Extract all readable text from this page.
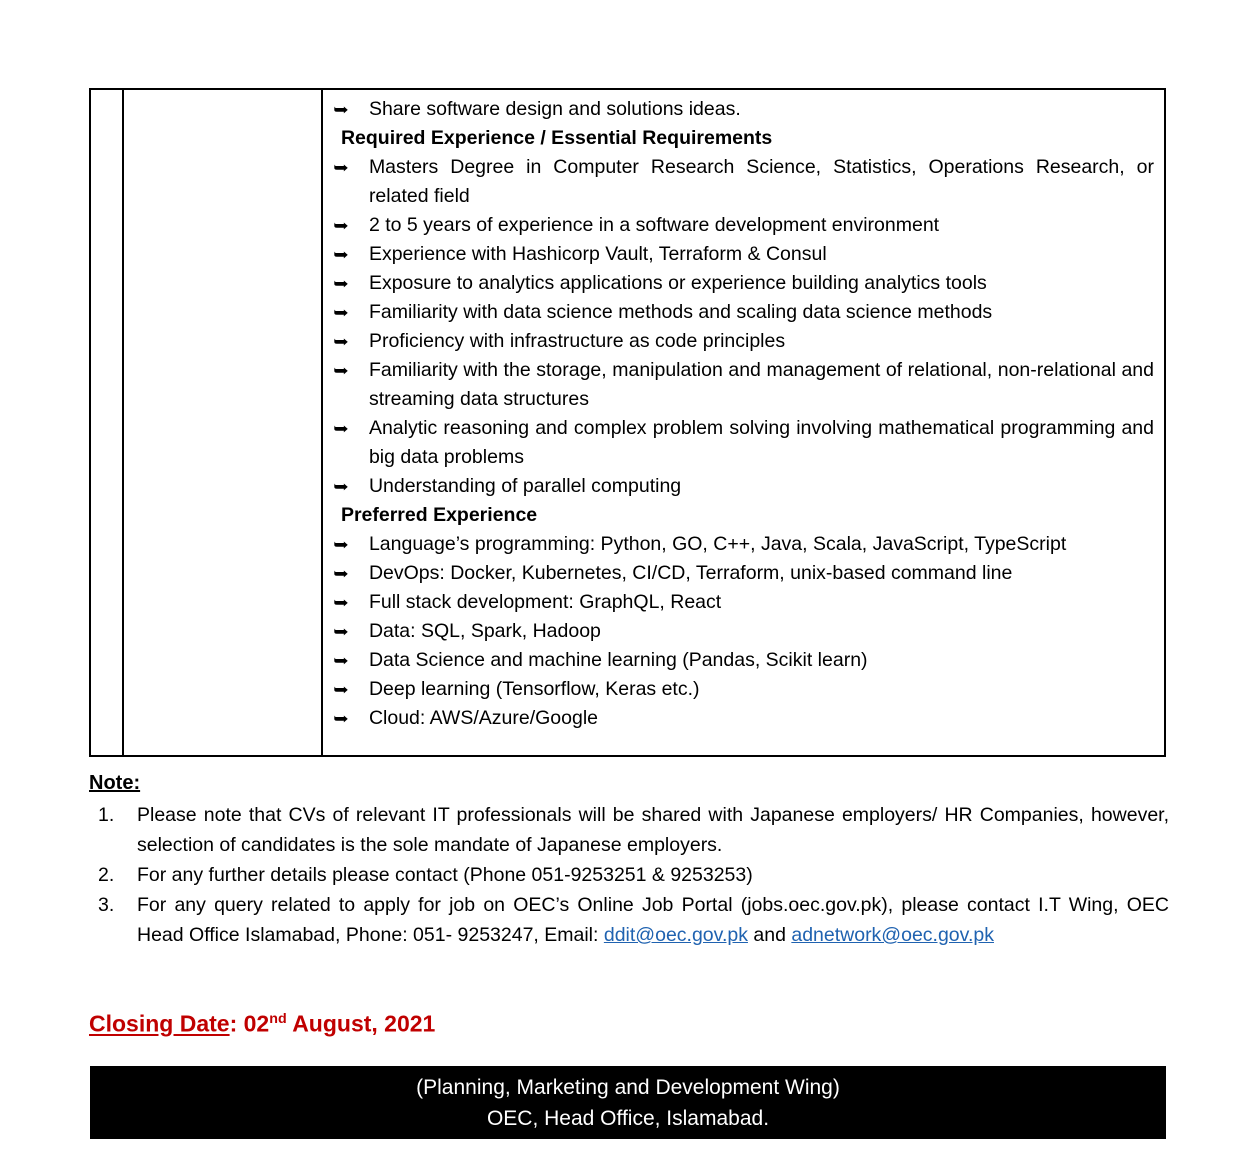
➥	Share software design and solutions ideas.
Required Experience / Essential Requirements
➥	Masters Degree in Computer Research Science, Statistics, Operations Research, or related field
➥	2 to 5 years of experience in a software development environment
➥	Experience with Hashicorp Vault, Terraform & Consul
➥	Exposure to analytics applications or experience building analytics tools
➥	Familiarity with data science methods and scaling data science methods
➥	Proficiency with infrastructure as code principles
➥	Familiarity with the storage, manipulation and management of relational, non-relational and streaming data structures
➥	Analytic reasoning and complex problem solving involving mathematical programming and big data problems
➥	Understanding of parallel computing
Preferred Experience
➥	Language’s programming: Python, GO, C++, Java, Scala, JavaScript, TypeScript
➥	DevOps: Docker, Kubernetes, CI/CD, Terraform, unix-based command line
➥	Full stack development: GraphQL, React
➥	Data: SQL, Spark, Hadoop
➥	Data Science and machine learning (Pandas, Scikit learn)
➥	Deep learning (Tensorflow, Keras etc.)
➥	Cloud: AWS/Azure/Google
Note:
1.	Please note that CVs of relevant IT professionals will be shared with Japanese employers/ HR Companies, however, selection of candidates is the sole mandate of Japanese employers.
2.	For any further details please contact (Phone 051-9253251 & 9253253)
3.	For any query related to apply for job on OEC’s Online Job Portal (jobs.oec.gov.pk), please contact I.T Wing, OEC Head Office Islamabad, Phone: 051- 9253247, Email: ddit@oec.gov.pk and adnetwork@oec.gov.pk
Closing Date: 02nd August, 2021
(Planning, Marketing and Development Wing)
OEC, Head Office, Islamabad.
